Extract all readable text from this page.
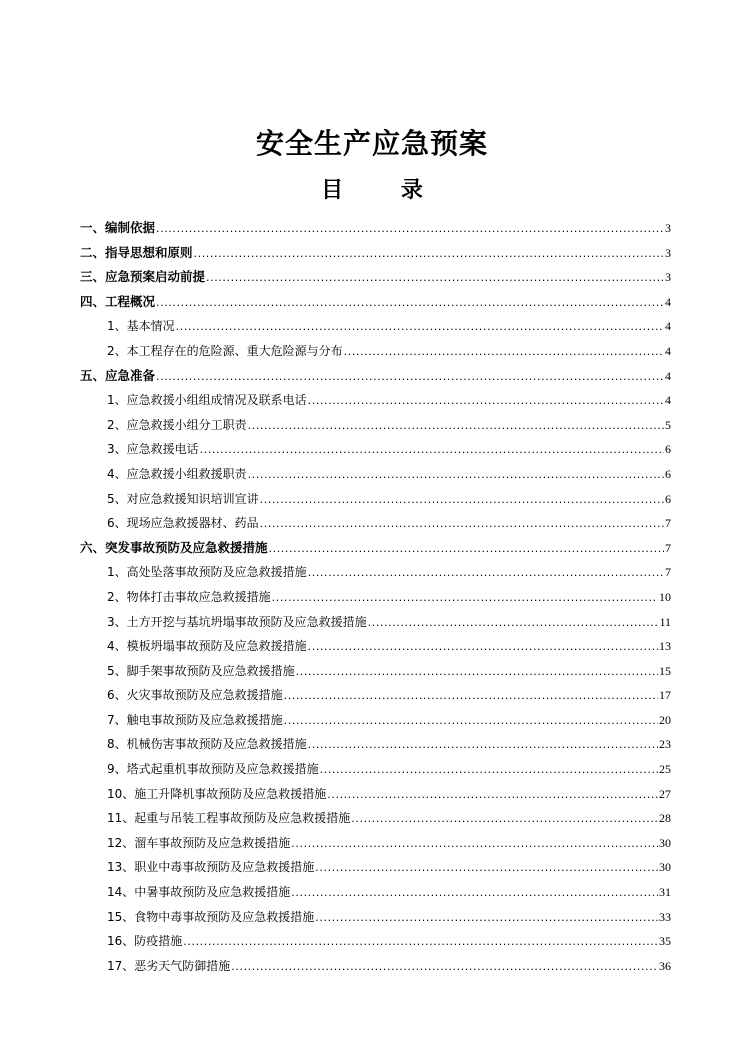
安全生产应急预案
目	录
一、编制依据 .....	3
二、指导思想和原则 .....	3
三、应急预案启动前提 .....	3
四、工程概况 .....	4
1、基本情况 .....	4
2、本工程存在的危险源、重大危险源与分布 .....	4
五、应急准备 .....	4
1、应急救援小组组成情况及联系电话 .....	4
2、应急救援小组分工职责 .....	5
3、应急救援电话 .....	6
4、应急救援小组救援职责 .....	6
5、对应急救援知识培训宣讲 .....	6
6、现场应急救援器材、药品 .....	7
六、突发事故预防及应急救援措施 .....	7
1、高处坠落事故预防及应急救援措施 .....	7
2、物体打击事故应急救援措施 .....	10
3、土方开挖与基坑坍塌事故预防及应急救援措施 .....	11
4、模板坍塌事故预防及应急救援措施 .....	13
5、脚手架事故预防及应急救援措施 .....	15
6、火灾事故预防及应急救援措施 .....	17
7、触电事故预防及应急救援措施 .....	20
8、机械伤害事故预防及应急救援措施 .....	23
9、塔式起重机事故预防及应急救援措施 .....	25
10、施工升降机事故预防及应急救援措施 .....	27
11、起重与吊装工程事故预防及应急救援措施 .....	28
12、溜车事故预防及应急救援措施 .....	30
13、职业中毒事故预防及应急救援措施 .....	30
14、中暑事故预防及应急救援措施 .....	31
15、食物中毒事故预防及应急救援措施 .....	33
16、防疫措施 .....	35
17、恶劣天气防御措施 .....	36
